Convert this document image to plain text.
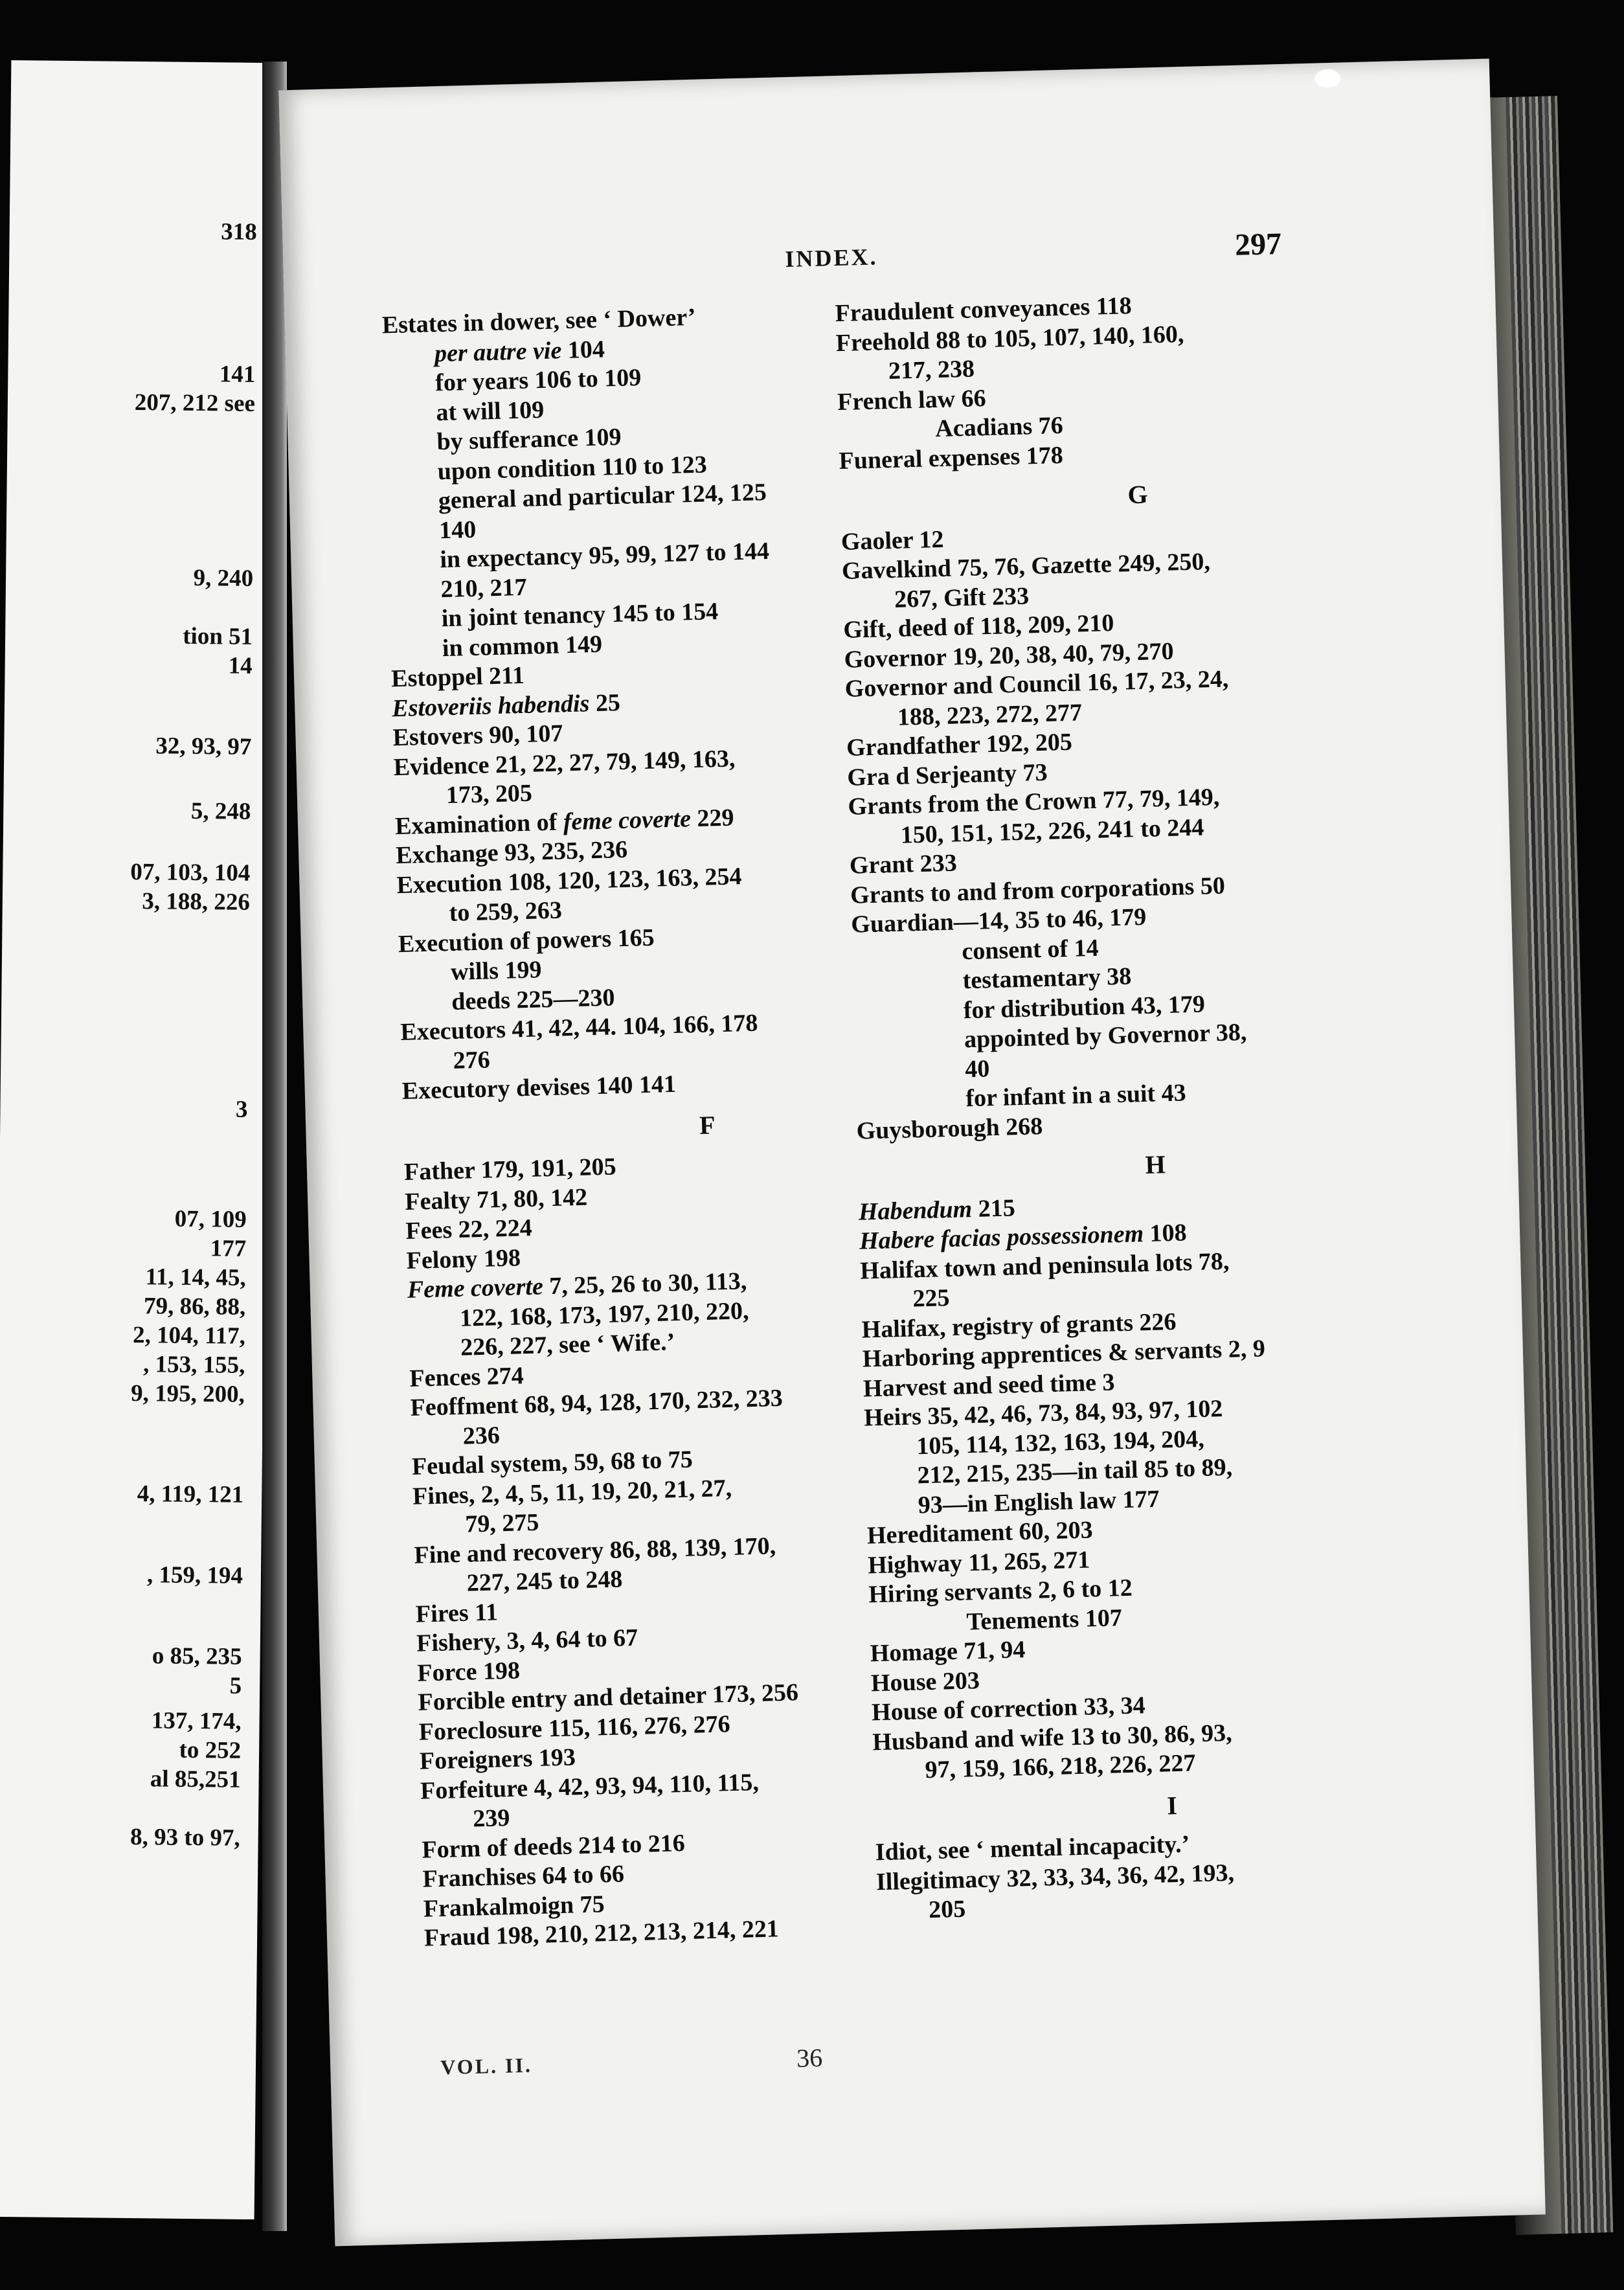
318
141
207, 212 see
9, 240
tion 51
14
32, 93, 97
5, 248
07, 103, 104
3, 188, 226
3
07, 109
177
11, 14, 45,
79, 86, 88,
2, 104, 117,
, 153, 155,
9, 195, 200,
4, 119, 121
, 159, 194
o 85, 235
5
137, 174,
to 252
al 85,251
8, 93 to 97,
INDEX.	297
Estates in dower, see ‘ Dower’
per autre vie 104
for years 106 to 109
at will 109
by sufferance 109
upon condition 110 to 123
general and particular 124, 125
140
in expectancy 95, 99, 127 to 144
210, 217
in joint tenancy 145 to 154
in common 149
Estoppel 211
Estoveriis habendis 25
Estovers 90, 107
Evidence 21, 22, 27, 79, 149, 163,
173, 205
Examination of feme coverte 229
Exchange 93, 235, 236
Execution 108, 120, 123, 163, 254
to 259, 263
Execution of powers 165
wills 199
deeds 225—230
Executors 41, 42, 44. 104, 166, 178
276
Executory devises 140 141
F
Father 179, 191, 205
Fealty 71, 80, 142
Fees 22, 224
Felony 198
Feme coverte 7, 25, 26 to 30, 113,
122, 168, 173, 197, 210, 220,
226, 227, see ‘ Wife.’
Fences 274
Feoffment 68, 94, 128, 170, 232, 233
236
Feudal system, 59, 68 to 75
Fines, 2, 4, 5, 11, 19, 20, 21, 27,
79, 275
Fine and recovery 86, 88, 139, 170,
227, 245 to 248
Fires 11
Fishery, 3, 4, 64 to 67
Force 198
Forcible entry and detainer 173, 256
Foreclosure 115, 116, 276, 276
Foreigners 193
Forfeiture 4, 42, 93, 94, 110, 115,
239
Form of deeds 214 to 216
Franchises 64 to 66
Frankalmoign 75
Fraud 198, 210, 212, 213, 214, 221
Fraudulent conveyances 118
Freehold 88 to 105, 107, 140, 160,
217, 238
French law 66
Acadians 76
Funeral expenses 178
G
Gaoler 12
Gavelkind 75, 76, Gazette 249, 250,
267, Gift 233
Gift, deed of 118, 209, 210
Governor 19, 20, 38, 40, 79, 270
Governor and Council 16, 17, 23, 24,
188, 223, 272, 277
Grandfather 192, 205
Gra d Serjeanty 73
Grants from the Crown 77, 79, 149,
150, 151, 152, 226, 241 to 244
Grant 233
Grants to and from corporations 50
Guardian—14, 35 to 46, 179
consent of 14
testamentary 38
for distribution 43, 179
appointed by Governor 38,
40
for infant in a suit 43
Guysborough 268
H
Habendum 215
Habere facias possessionem 108
Halifax town and peninsula lots 78,
225
Halifax, registry of grants 226
Harboring apprentices & servants 2, 9
Harvest and seed time 3
Heirs 35, 42, 46, 73, 84, 93, 97, 102
105, 114, 132, 163, 194, 204,
212, 215, 235—in tail 85 to 89,
93—in English law 177
Hereditament 60, 203
Highway 11, 265, 271
Hiring servants 2, 6 to 12
Tenements 107
Homage 71, 94
House 203
House of correction 33, 34
Husband and wife 13 to 30, 86, 93,
97, 159, 166, 218, 226, 227
I
Idiot, see ‘ mental incapacity.’
Illegitimacy 32, 33, 34, 36, 42, 193,
205
VOL. II.	36
